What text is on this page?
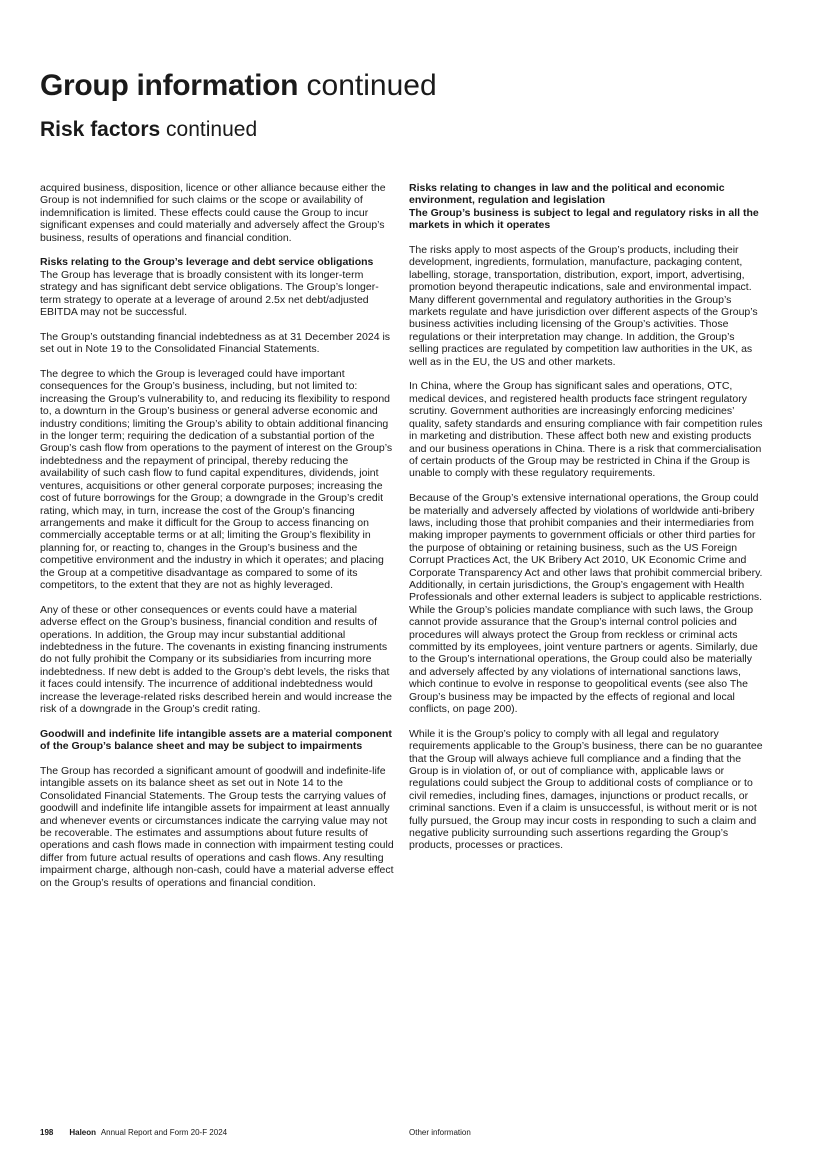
Group information continued
Risk factors continued

acquired business, disposition, licence or other alliance because either the Group is not indemnified for such claims or the scope or availability of indemnification is limited. These effects could cause the Group to incur significant expenses and could materially and adversely affect the Group’s business, results of operations and financial condition.

Risks relating to the Group’s leverage and debt service obligations

The Group has leverage that is broadly consistent with its longer-term strategy and has significant debt service obligations. The Group’s longer-term strategy to operate at a leverage of around 2.5x net debt/adjusted EBITDA may not be successful.

The Group’s outstanding financial indebtedness as at 31 December 2024 is set out in Note 19 to the Consolidated Financial Statements.

The degree to which the Group is leveraged could have important consequences for the Group’s business, including, but not limited to: increasing the Group’s vulnerability to, and reducing its flexibility to respond to, a downturn in the Group’s business or general adverse economic and industry conditions; limiting the Group’s ability to obtain additional financing in the longer term; requiring the dedication of a substantial portion of the Group’s cash flow from operations to the payment of interest on the Group’s indebtedness and the repayment of principal, thereby reducing the availability of such cash flow to fund capital expenditures, dividends, joint ventures, acquisitions or other general corporate purposes; increasing the cost of future borrowings for the Group; a downgrade in the Group’s credit rating, which may, in turn, increase the cost of the Group’s financing arrangements and make it difficult for the Group to access financing on commercially acceptable terms or at all; limiting the Group’s flexibility in planning for, or reacting to, changes in the Group’s business and the competitive environment and the industry in which it operates; and placing the Group at a competitive disadvantage as compared to some of its competitors, to the extent that they are not as highly leveraged.

Any of these or other consequences or events could have a material adverse effect on the Group’s business, financial condition and results of operations. In addition, the Group may incur substantial additional indebtedness in the future. The covenants in existing financing instruments do not fully prohibit the Company or its subsidiaries from incurring more indebtedness. If new debt is added to the Group’s debt levels, the risks that it faces could intensify. The incurrence of additional indebtedness would increase the leverage-related risks described herein and would increase the risk of a downgrade in the Group’s credit rating.

Goodwill and indefinite life intangible assets are a material component of the Group’s balance sheet and may be subject to impairments

The Group has recorded a significant amount of goodwill and indefinite-life intangible assets on its balance sheet as set out in Note 14 to the Consolidated Financial Statements. The Group tests the carrying values of goodwill and indefinite life intangible assets for impairment at least annually and whenever events or circumstances indicate the carrying value may not be recoverable. The estimates and assumptions about future results of operations and cash flows made in connection with impairment testing could differ from future actual results of operations and cash flows. Any resulting impairment charge, although non-cash, could have a material adverse effect on the Group’s results of operations and financial condition.

Risks relating to changes in law and the political and economic environment, regulation and legislation
The Group’s business is subject to legal and regulatory risks in all the markets in which it operates

The risks apply to most aspects of the Group’s products, including their development, ingredients, formulation, manufacture, packaging content, labelling, storage, transportation, distribution, export, import, advertising, promotion beyond therapeutic indications, sale and environmental impact. Many different governmental and regulatory authorities in the Group’s markets regulate and have jurisdiction over different aspects of the Group’s business activities including licensing of the Group’s activities. Those regulations or their interpretation may change. In addition, the Group’s selling practices are regulated by competition law authorities in the UK, as well as in the EU, the US and other markets.

In China, where the Group has significant sales and operations, OTC, medical devices, and registered health products face stringent regulatory scrutiny. Government authorities are increasingly enforcing medicines’ quality, safety standards and ensuring compliance with fair competition rules in marketing and distribution. These affect both new and existing products and our business operations in China. There is a risk that commercialisation of certain products of the Group may be restricted in China if the Group is unable to comply with these regulatory requirements.

Because of the Group’s extensive international operations, the Group could be materially and adversely affected by violations of worldwide anti-bribery laws, including those that prohibit companies and their intermediaries from making improper payments to government officials or other third parties for the purpose of obtaining or retaining business, such as the US Foreign Corrupt Practices Act, the UK Bribery Act 2010, UK Economic Crime and Corporate Transparency Act and other laws that prohibit commercial bribery. Additionally, in certain jurisdictions, the Group’s engagement with Health Professionals and other external leaders is subject to applicable restrictions. While the Group’s policies mandate compliance with such laws, the Group cannot provide assurance that the Group’s internal control policies and procedures will always protect the Group from reckless or criminal acts committed by its employees, joint venture partners or agents. Similarly, due to the Group’s international operations, the Group could also be materially and adversely affected by any violations of international sanctions laws, which continue to evolve in response to geopolitical events (see also The Group’s business may be impacted by the effects of regional and local conflicts, on page 200).

While it is the Group’s policy to comply with all legal and regulatory requirements applicable to the Group’s business, there can be no guarantee that the Group will always achieve full compliance and a finding that the Group is in violation of, or out of compliance with, applicable laws or regulations could subject the Group to additional costs of compliance or to civil remedies, including fines, damages, injunctions or product recalls, or criminal sanctions. Even if a claim is unsuccessful, is without merit or is not fully pursued, the Group may incur costs in responding to such a claim and negative publicity surrounding such assertions regarding the Group’s products, processes or practices.

198 Haleon Annual Report and Form 20-F 2024	Other information
